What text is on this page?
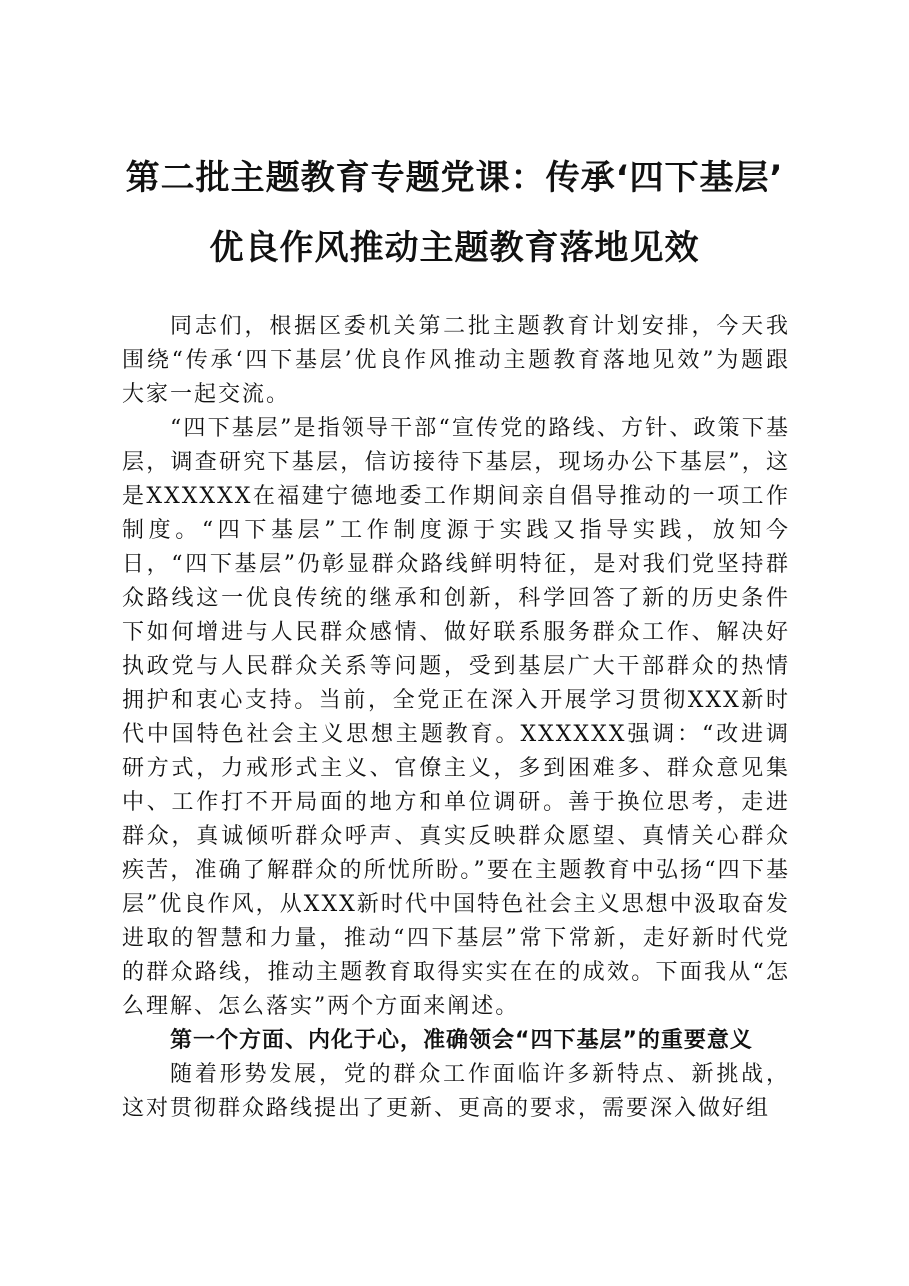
第二批主题教育专题党课：传承‘四下基层’
优良作风推动主题教育落地见效

同志们，根据区委机关第二批主题教育计划安排，今天我围绕“传承‘四下基层’优良作风推动主题教育落地见效”为题跟大家一起交流。

“四下基层”是指领导干部“宣传党的路线、方针、政策下基层，调查研究下基层，信访接待下基层，现场办公下基层”，这是XXXXXX在福建宁德地委工作期间亲自倡导推动的一项工作制度。“四下基层”工作制度源于实践又指导实践，放知今日，“四下基层”仍彰显群众路线鲜明特征，是对我们党坚持群众路线这一优良传统的继承和创新，科学回答了新的历史条件下如何增进与人民群众感情、做好联系服务群众工作、解决好执政党与人民群众关系等问题，受到基层广大干部群众的热情拥护和衷心支持。当前，全党正在深入开展学习贯彻XXX新时代中国特色社会主义思想主题教育。XXXXXX强调：“改进调研方式，力戒形式主义、官僚主义，多到困难多、群众意见集中、工作打不开局面的地方和单位调研。善于换位思考，走进群众，真诚倾听群众呼声、真实反映群众愿望、真情关心群众疾苦，准确了解群众的所忧所盼。”要在主题教育中弘扬“四下基层”优良作风，从XXX新时代中国特色社会主义思想中汲取奋发进取的智慧和力量，推动“四下基层”常下常新，走好新时代党的群众路线，推动主题教育取得实实在在的成效。下面我从“怎么理解、怎么落实”两个方面来阐述。

第一个方面、内化于心，准确领会“四下基层”的重要意义

随着形势发展，党的群众工作面临许多新特点、新挑战，这对贯彻群众路线提出了更新、更高的要求，需要深入做好组
